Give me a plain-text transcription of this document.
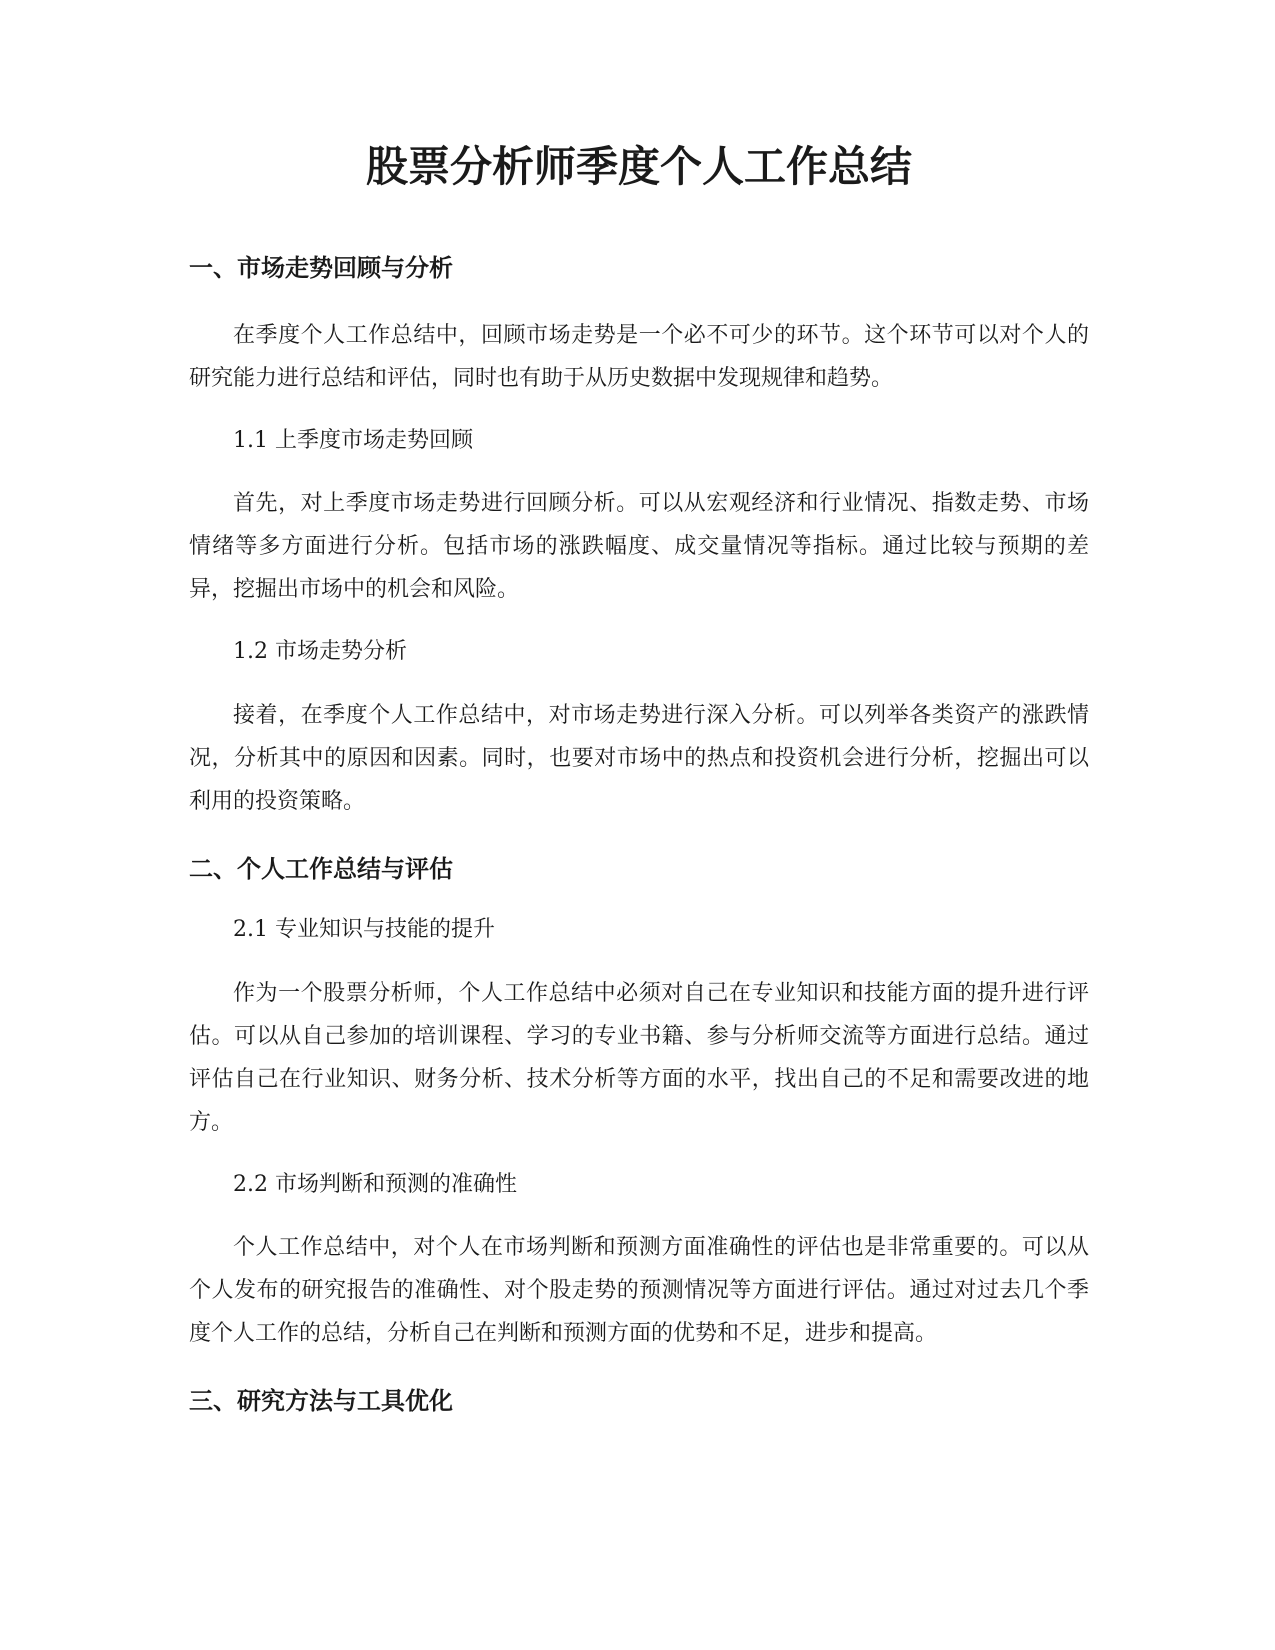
股票分析师季度个人工作总结
一、市场走势回顾与分析

在季度个人工作总结中，回顾市场走势是一个必不可少的环节。这个环节可以对个人的研究能力进行总结和评估，同时也有助于从历史数据中发现规律和趋势。

1.1 上季度市场走势回顾

首先，对上季度市场走势进行回顾分析。可以从宏观经济和行业情况、指数走势、市场情绪等多方面进行分析。包括市场的涨跌幅度、成交量情况等指标。通过比较与预期的差异，挖掘出市场中的机会和风险。

1.2 市场走势分析

接着，在季度个人工作总结中，对市场走势进行深入分析。可以列举各类资产的涨跌情况，分析其中的原因和因素。同时，也要对市场中的热点和投资机会进行分析，挖掘出可以利用的投资策略。

二、个人工作总结与评估

2.1 专业知识与技能的提升

作为一个股票分析师，个人工作总结中必须对自己在专业知识和技能方面的提升进行评估。可以从自己参加的培训课程、学习的专业书籍、参与分析师交流等方面进行总结。通过评估自己在行业知识、财务分析、技术分析等方面的水平，找出自己的不足和需要改进的地方。

2.2 市场判断和预测的准确性

个人工作总结中，对个人在市场判断和预测方面准确性的评估也是非常重要的。可以从个人发布的研究报告的准确性、对个股走势的预测情况等方面进行评估。通过对过去几个季度个人工作的总结，分析自己在判断和预测方面的优势和不足，进步和提高。

三、研究方法与工具优化
